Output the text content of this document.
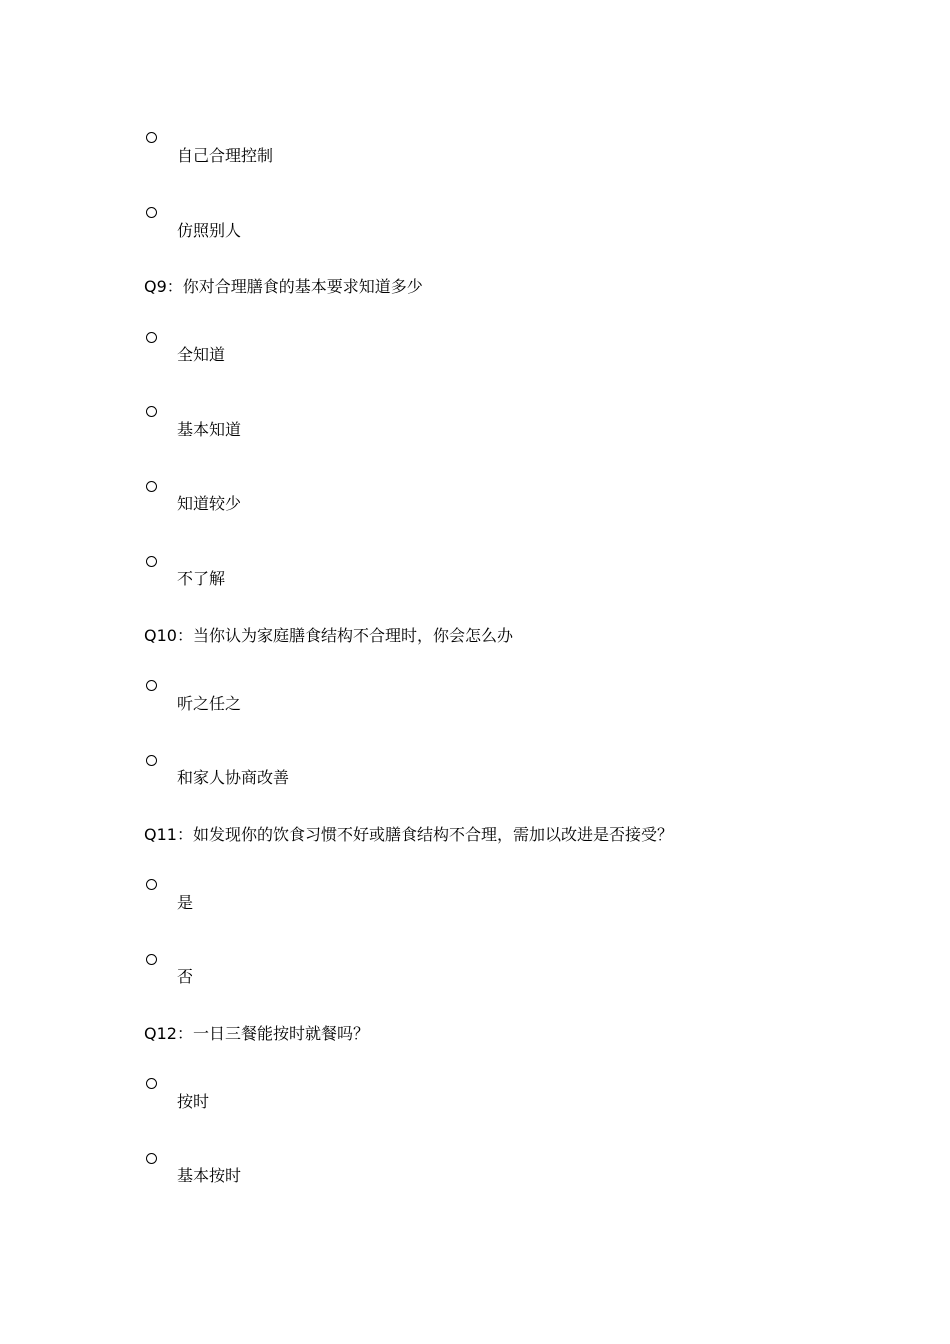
自己合理控制
仿照别人
Q9：你对合理膳食的基本要求知道多少
全知道
基本知道
知道较少
不了解
Q10：当你认为家庭膳食结构不合理时，你会怎么办
听之任之
和家人协商改善
Q11：如发现你的饮食习惯不好或膳食结构不合理，需加以改进是否接受？
是
否
Q12：一日三餐能按时就餐吗？
按时
基本按时
